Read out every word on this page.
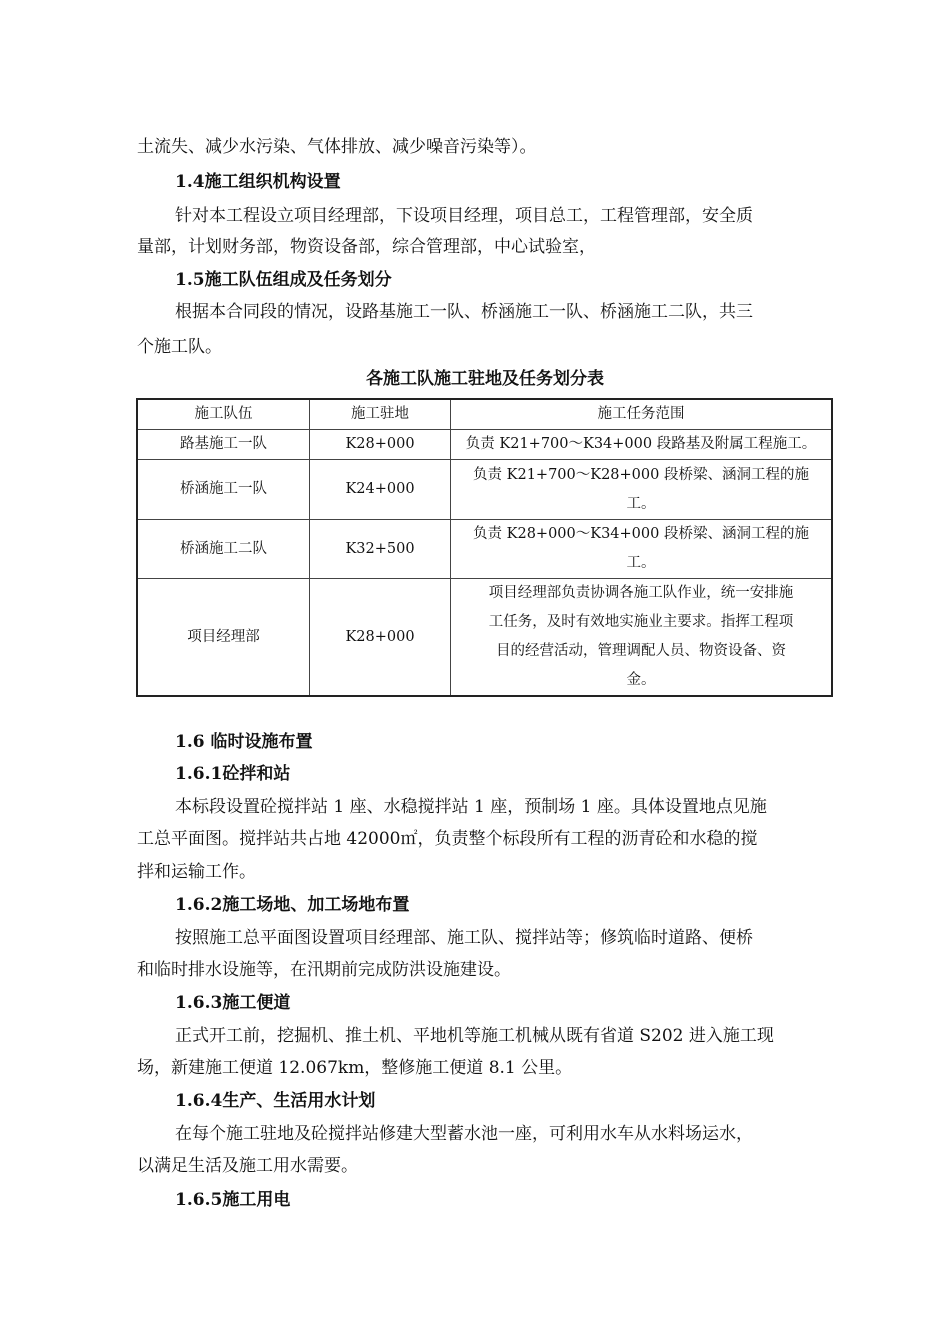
土流失、减少水污染、气体排放、减少噪音污染等）。
1.4施工组织机构设置
针对本工程设立项目经理部，下设项目经理，项目总工，工程管理部，安全质
量部，计划财务部，物资设备部，综合管理部，中心试验室，
1.5施工队伍组成及任务划分
根据本合同段的情况，设路基施工一队、桥涵施工一队、桥涵施工二队，共三
个施工队。
各施工队施工驻地及任务划分表
施工队伍	施工驻地	施工任务范围
路基施工一队	K28+000	负责 K21+700～K34+000 段路基及附属工程施工。
桥涵施工一队	K24+000	负责 K21+700～K28+000 段桥梁、涵洞工程的施
工。

桥涵施工二队	K32+500	负责 K28+000～K34+000 段桥梁、涵洞工程的施
工。

项目经理部	K28+000	项目经理部负责协调各施工队作业，统一安排施
工任务，及时有效地实施业主要求。指挥工程项
目的经营活动，管理调配人员、物资设备、资
金。
1.6 临时设施布置
1.6.1砼拌和站
本标段设置砼搅拌站 1 座、水稳搅拌站 1 座，预制场 1 座。具体设置地点见施
工总平面图。搅拌站共占地 42000㎡，负责整个标段所有工程的沥青砼和水稳的搅
拌和运输工作。
1.6.2施工场地、加工场地布置
按照施工总平面图设置项目经理部、施工队、搅拌站等；修筑临时道路、便桥
和临时排水设施等，在汛期前完成防洪设施建设。
1.6.3施工便道
正式开工前，挖掘机、推土机、平地机等施工机械从既有省道 S202 进入施工现
场，新建施工便道 12.067km，整修施工便道 8.1 公里。
1.6.4生产、生活用水计划
在每个施工驻地及砼搅拌站修建大型蓄水池一座，可利用水车从水料场运水，
以满足生活及施工用水需要。
1.6.5施工用电
